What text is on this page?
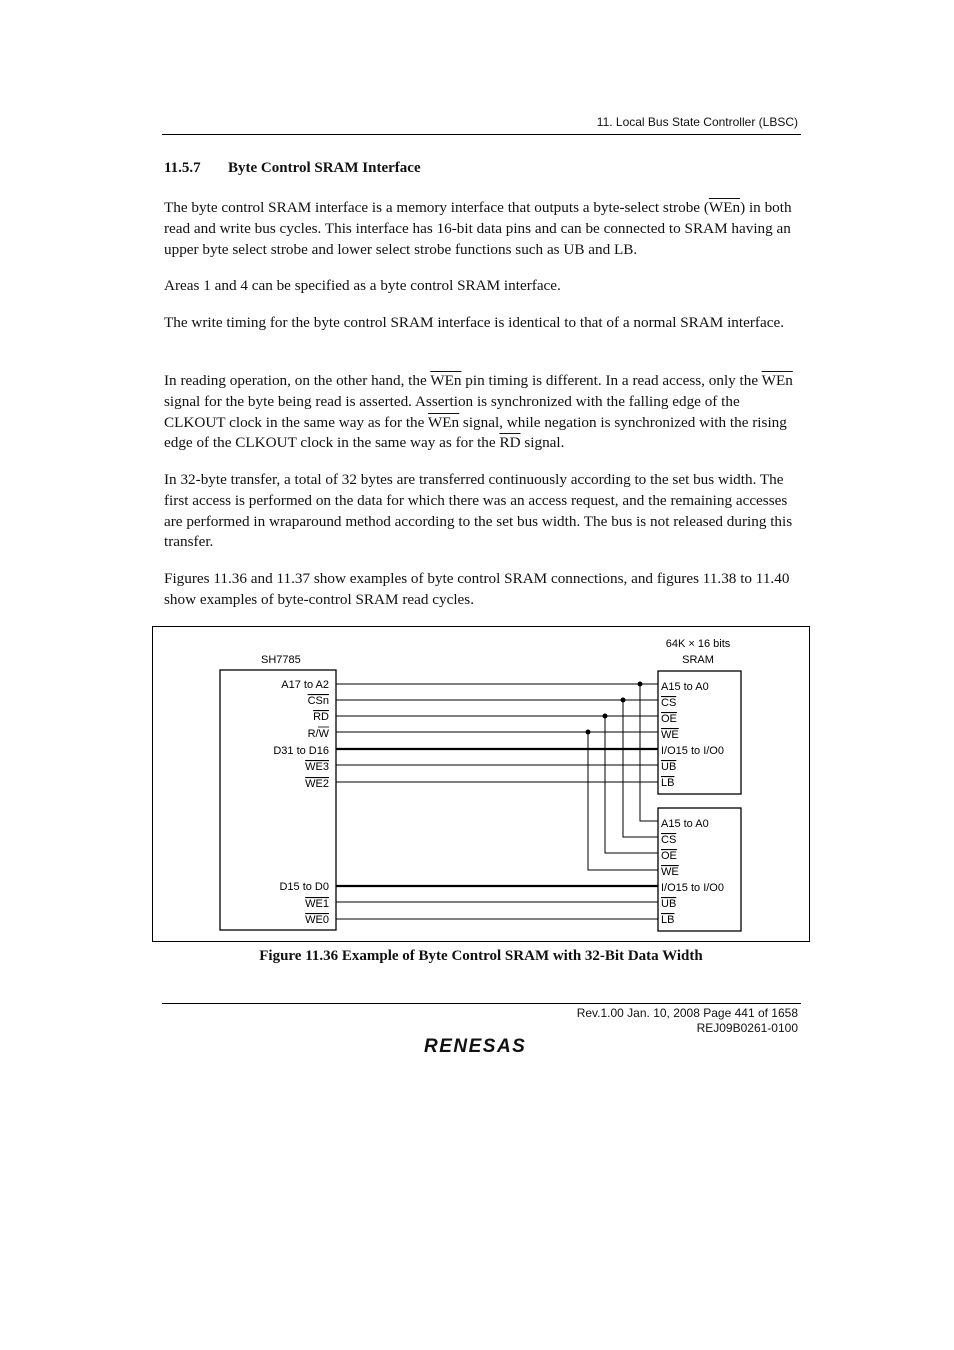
11. Local Bus State Controller (LBSC)
11.5.7 Byte Control SRAM Interface

The byte control SRAM interface is a memory interface that outputs a byte-select strobe $(\overline{WEn})$ in both read and write bus cycles. This interface has 16-bit data pins and can be connected to SRAM having an upper byte select strobe and lower select strobe functions such as UB and LB.

Areas 1 and 4 can be specified as a byte control SRAM interface.

The write timing for the byte control SRAM interface is identical to that of a normal SRAM interface.

In reading operation, on the other hand, the $\overline{WEn}$ pin timing is different. In a read access, only the $\overline{WEn}$ signal for the byte being read is asserted. Assertion is synchronized with the falling edge of the CLKOUT clock in the same way as for the $\overline{WEn}$ signal, while negation is synchronized with the rising edge of the CLKOUT clock in the same way as for the $\overline{RD}$ signal.

In 32-byte transfer, a total of 32 bytes are transferred continuously according to the set bus width. The first access is performed on the data for which there was an access request, and the remaining accesses are performed in wraparound method according to the set bus width. The bus is not released during this transfer.

Figures 11.36 and 11.37 show examples of byte control SRAM connections, and figures 11.38 to 11.40 show examples of byte-control SRAM read cycles.

SH7785
64K × 16 bits
SRAM
A17 to A2
CSn
RD
R/W
D31 to D16
WE3
WE2
D15 to D0
WE1
WE0
A15 to A0
CS
OE
WE
I/O15 to I/O0
UB
LB
A15 to A0
CS
OE
WE
I/O15 to I/O0
UB
LB
Figure 11.36 Example of Byte Control SRAM with 32-Bit Data Width
Rev.1.00 Jan. 10, 2008 Page 441 of 1658
REJ09B0261-0100
RENESAS
